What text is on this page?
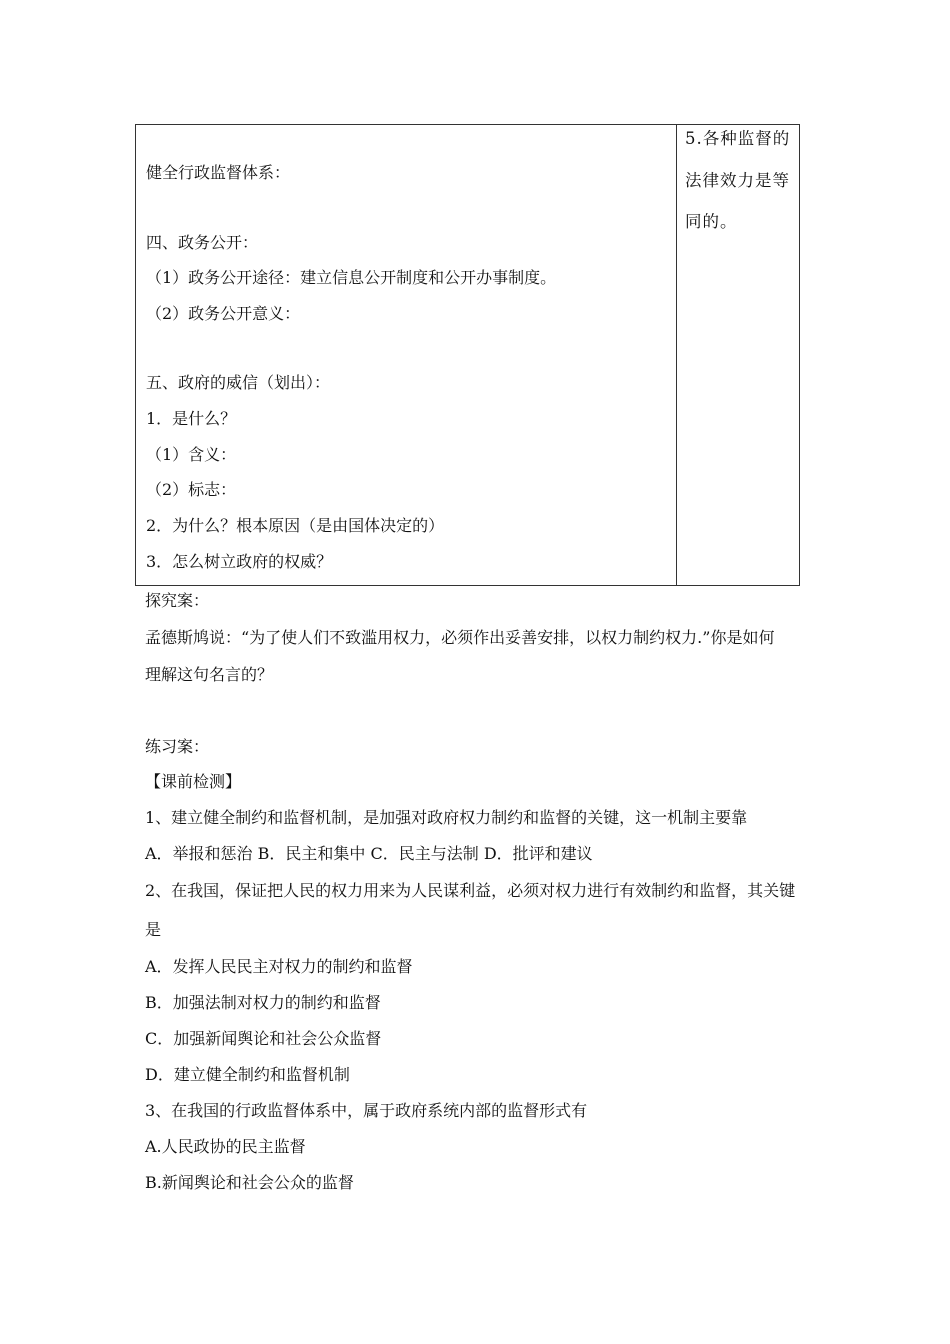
健全行政监督体系：
四、政务公开：
（1）政务公开途径：建立信息公开制度和公开办事制度。
（2）政务公开意义：
五、政府的威信（划出）：
1．是什么？
（1）含义：
（2）标志：
2．为什么？根本原因（是由国体决定的）
3．怎么树立政府的权威？
5.各种监督的
法律效力是等
同的。
探究案：
孟德斯鸠说：“为了使人们不致滥用权力，必须作出妥善安排，以权力制约权力.”你是如何
理解这句名言的？
练习案：
【课前检测】
1、建立健全制约和监督机制，是加强对政府权力制约和监督的关键，这一机制主要靠
A．举报和惩治 B．民主和集中 C．民主与法制 D．批评和建议
2、在我国，保证把人民的权力用来为人民谋利益，必须对权力进行有效制约和监督，其关键
是
A．发挥人民民主对权力的制约和监督
B．加强法制对权力的制约和监督
C．加强新闻舆论和社会公众监督
D．建立健全制约和监督机制
3、在我国的行政监督体系中，属于政府系统内部的监督形式有
A.人民政协的民主监督
B.新闻舆论和社会公众的监督
